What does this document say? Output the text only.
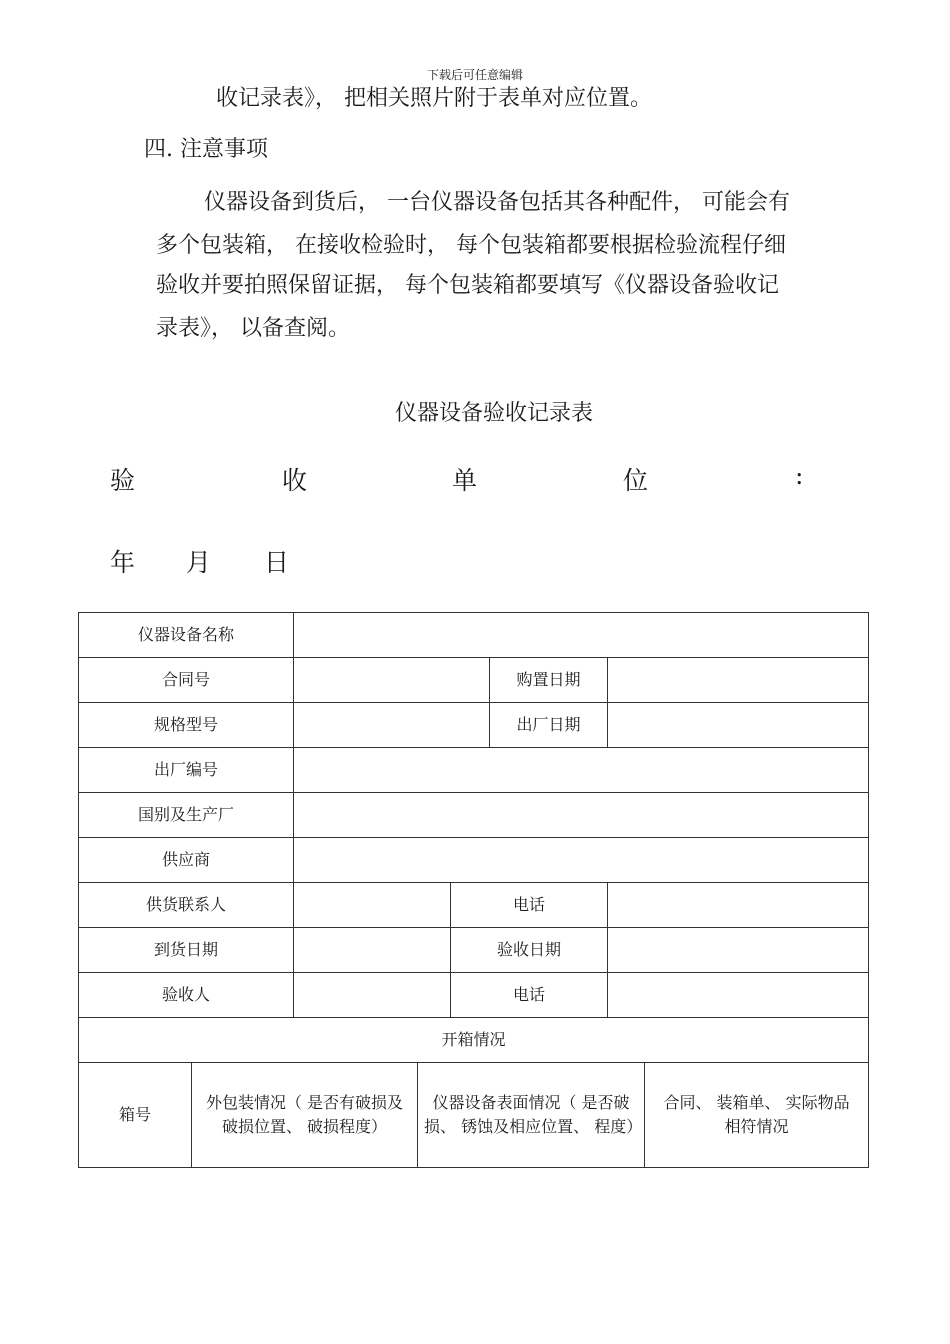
下载后可任意编辑
收记录表》， 把相关照片附于表单对应位置。
四. 注意事项
仪器设备到货后， 一台仪器设备包括其各种配件， 可能会有
多个包装箱， 在接收检验时， 每个包装箱都要根据检验流程仔细
验收并要拍照保留证据， 每个包装箱都要填写《仪器设备验收记
录表》， 以备查阅。
仪器设备验收记录表
验	收	单	位	:
年 月 日
仪器设备名称							
合同号					购置日期		
规格型号					出厂日期		
出厂编号							
国别及生产厂							
供应商							
供货联系人				电话			
到货日期				验收日期			
验收人				电话			
开箱情况							
箱号	外包装情况（ 是否有破损及破损位置、 破损程度）		仪器设备表面情况（ 是否破损、 锈蚀及相应位置、 程度）				合同、 装箱单、 实际物品相符情况
